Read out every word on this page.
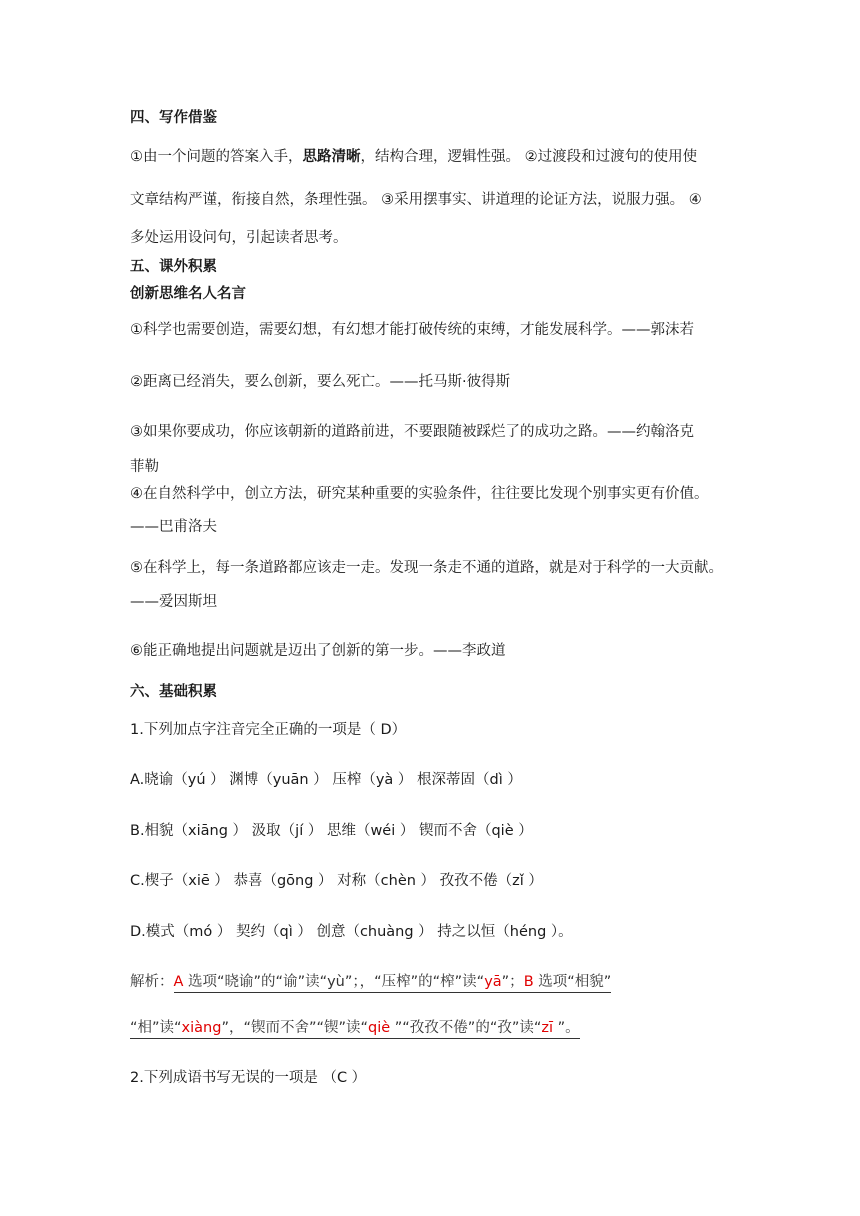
四、写作借鉴

①由一个问题的答案入手，思路清晰，结构合理，逻辑性强。 ②过渡段和过渡句的使用使

文章结构严谨，衔接自然，条理性强。 ③采用摆事实、讲道理的论证方法，说服力强。 ④

多处运用设问句，引起读者思考。

五、课外积累

创新思维名人名言

①科学也需要创造，需要幻想，有幻想才能打破传统的束缚，才能发展科学。——郭沫若

②距离已经消失，要么创新，要么死亡。——托马斯·彼得斯

③如果你要成功，你应该朝新的道路前进，不要跟随被踩烂了的成功之路。——约翰洛克

菲勒

④在自然科学中，创立方法，研究某种重要的实验条件，往往要比发现个别事实更有价值。

——巴甫洛夫

⑤在科学上，每一条道路都应该走一走。发现一条走不通的道路，就是对于科学的一大贡献。

——爱因斯坦

⑥能正确地提出问题就是迈出了创新的第一步。——李政道

六、基础积累

1.下列加点字注音完全正确的一项是（ D）

A.晓谕（yú ） 渊博（yuān ） 压榨（yà ） 根深蒂固（dì ）

B.相貌（xiāng ） 汲取（jí ） 思维（wéi ） 锲而不舍（qiè ）

C.楔子（xiē ） 恭喜（gōng ） 对称（chèn ） 孜孜不倦（zǐ ）

D.模式（mó ） 契约（qì ） 创意（chuàng ） 持之以恒（héng ）。

解析：A 选项“晓谕”的“谕”读“yù”；，“压榨”的“榨”读“yā”；B 选项“相貌”
“相”读“xiàng”，“锲而不舍”“锲”读“qiè ”“孜孜不倦”的“孜”读“zī ”。

2.下列成语书写无误的一项是 （C ）
